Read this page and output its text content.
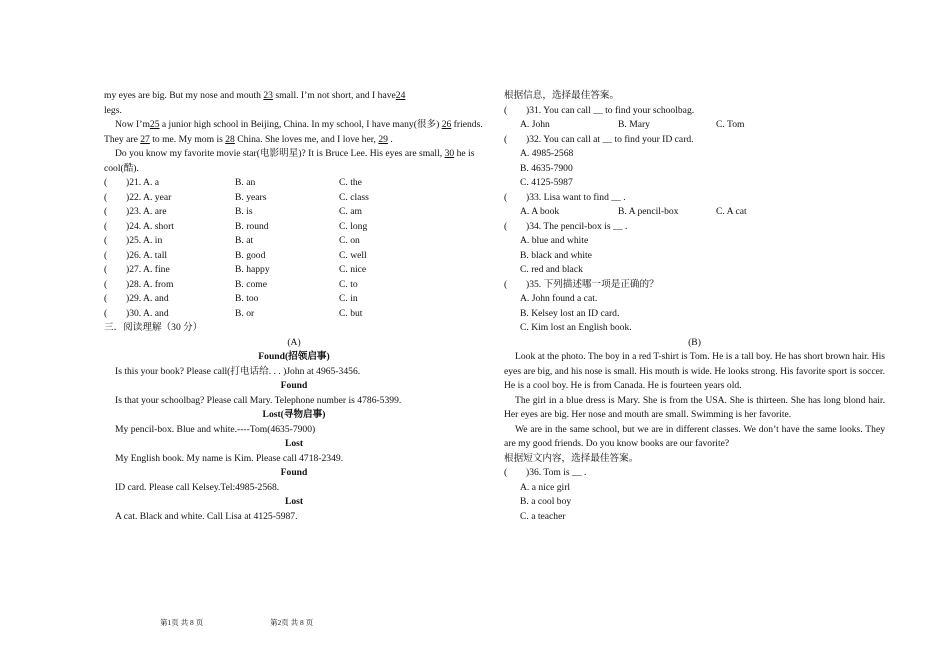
my eyes are big. But my nose and mouth 23 small. I’m not short, and I have24
legs.

Now I’m25 a junior high school in Beijing, China. In my school, I have many(很多) 26 friends. They are 27 to me. My mom is 28 China. She loves me, and I love her, 29 .

Do you know my favorite movie star(电影明星)? It is Bruce Lee. His eyes are small, 30 he is cool(酷).

(	)21. A. a	B. an	C. the
(	)22. A. year	B. years	C. class
(	)23. A. are	B. is	C. am
(	)24. A. short	B. round	C. long
(	)25. A. in	B. at	C. on
(	)26. A. tall	B. good	C. well
(	)27. A. fine	B. happy	C. nice
(	)28. A. from	B. come	C. to
(	)29. A. and	B. too	C. in
(	)30. A. and	B. or	C. but

三．阅读理解（30 分）

(A)

Found(招领启事)

Is this your book? Please call(打电话给. . . )John at 4965-3456.

Found

Is that your schoolbag? Please call Mary. Telephone number is 4786-5399.

Lost(寻物启事)

My pencil-box. Blue and white.----Tom(4635-7900)

Lost

My English book. My name is Kim. Please call 4718-2349.

Found

ID card. Please call Kelsey.Tel:4985-2568.

Lost

A cat. Black and white. Call Lisa at 4125-5987.

根据信息，选择最佳答案。

(	)31. You can call __ to find your schoolbag.
A. John	B. Mary	C. Tom
(	)32. You can call at __ to find your ID card.

A. 4985-2568

B. 4635-7900

C. 4125-5987

(	)33. Lisa want to find __ .
A. A book	B. A pencil-box	C. A cat
(	)34. The pencil-box is __ .

A. blue and white

B. black and white

C. red and black

(	)35. 下列描述哪一项是正确的？

A. John found a cat.

B. Kelsey lost an ID card.

C. Kim lost an English book.

(B)

Look at the photo. The boy in a red T-shirt is Tom. He is a tall boy. He has short brown hair. His eyes are big, and his nose is small. His mouth is wide. He looks strong. His favorite sport is soccer. He is a cool boy. He is from Canada. He is fourteen years old.

The girl in a blue dress is Mary. She is from the USA. She is thirteen. She has long blond hair. Her eyes are big. Her nose and mouth are small. Swimming is her favorite.

We are in the same school, but we are in different classes. We don’t have the same looks. They are my good friends. Do you know books are our favorite?

根据短文内容，选择最佳答案。

(	)36. Tom is __ .

A. a nice girl

B. a cool boy

C. a teacher

第1页 共 8 页	第2页 共 8 页
